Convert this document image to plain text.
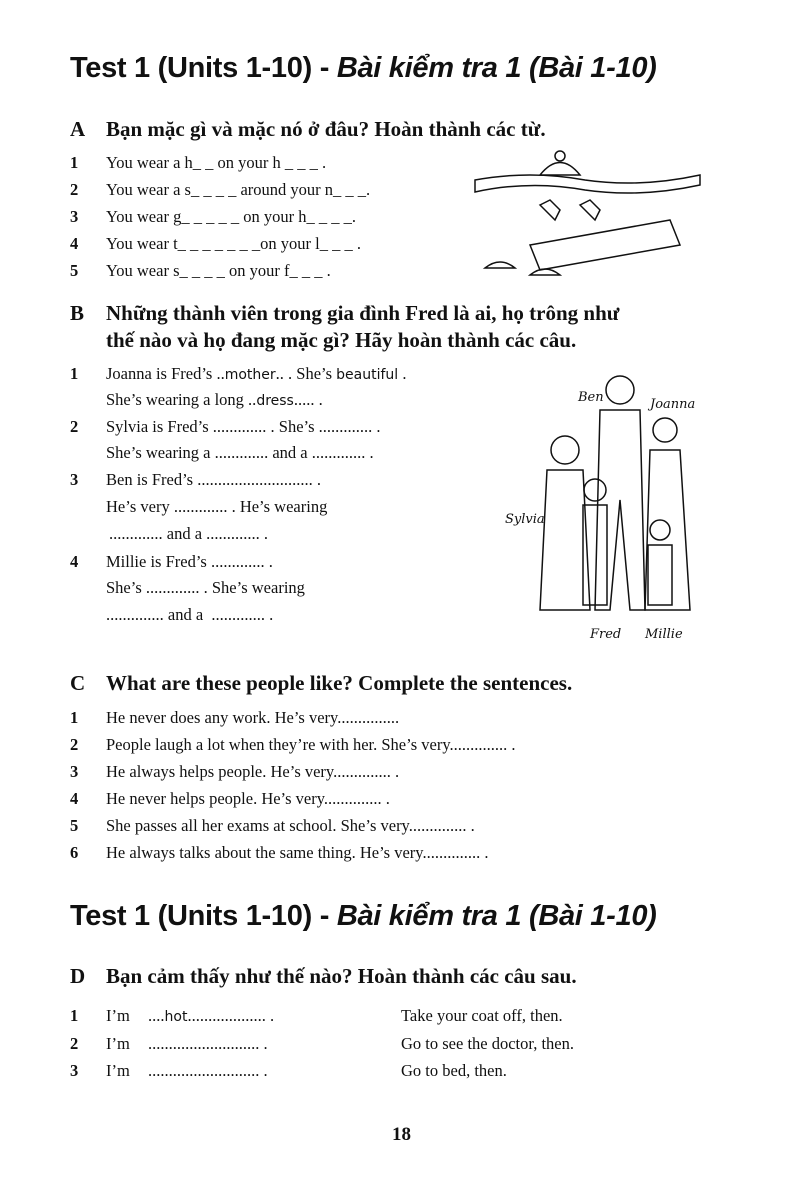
Test 1 (Units 1-10) - Bài kiểm tra 1 (Bài 1-10)
A Bạn mặc gì và mặc nó ở đâu? Hoàn thành các từ.
1 You wear a h_ _ on your h _ _ _ .
2 You wear a s_ _ _ _ around your n_ _ _.
3 You wear g_ _ _ _ _ on your h_ _ _ _.
4 You wear t_ _ _ _ _ _ _on your l_ _ _ .
5 You wear s_ _ _ _ on your f_ _ _ .
B Những thành viên trong gia đình Fred là ai, họ trông như
thế nào và họ đang mặc gì? Hãy hoàn thành các câu.
1 Joanna is Fred’s ..mother.. . She’s beautiful .
She’s wearing a long ..dress..... .
2 Sylvia is Fred’s ............. . She’s ............. .
She’s wearing a ............. and a ............. .
3 Ben is Fred’s ............................ .
He’s very ............. . He’s wearing
............. and a ............. .
4 Millie is Fred’s ............. .
She’s ............. . She’s wearing
.............. and a  ............. .
Ben	Joanna
Sylvia
Fred Millie
C What are these people like? Complete the sentences.
1 He never does any work. He’s very...............
2 People laugh a lot when they’re with her. She’s very.............. .
3 He always helps people. He’s very.............. .
4 He never helps people. He’s very.............. .
5 She passes all her exams at school. She’s very.............. .
6 He always talks about the same thing. He’s very.............. .
Test 1 (Units 1-10) - Bài kiểm tra 1 (Bài 1-10)
D Bạn cảm thấy như thế nào? Hoàn thành các câu sau.
1 I’m ....hot................... .	Take your coat off, then.
2 I’m ........................... .	Go to see the doctor, then.
3 I’m ........................... .	Go to bed, then.
18
